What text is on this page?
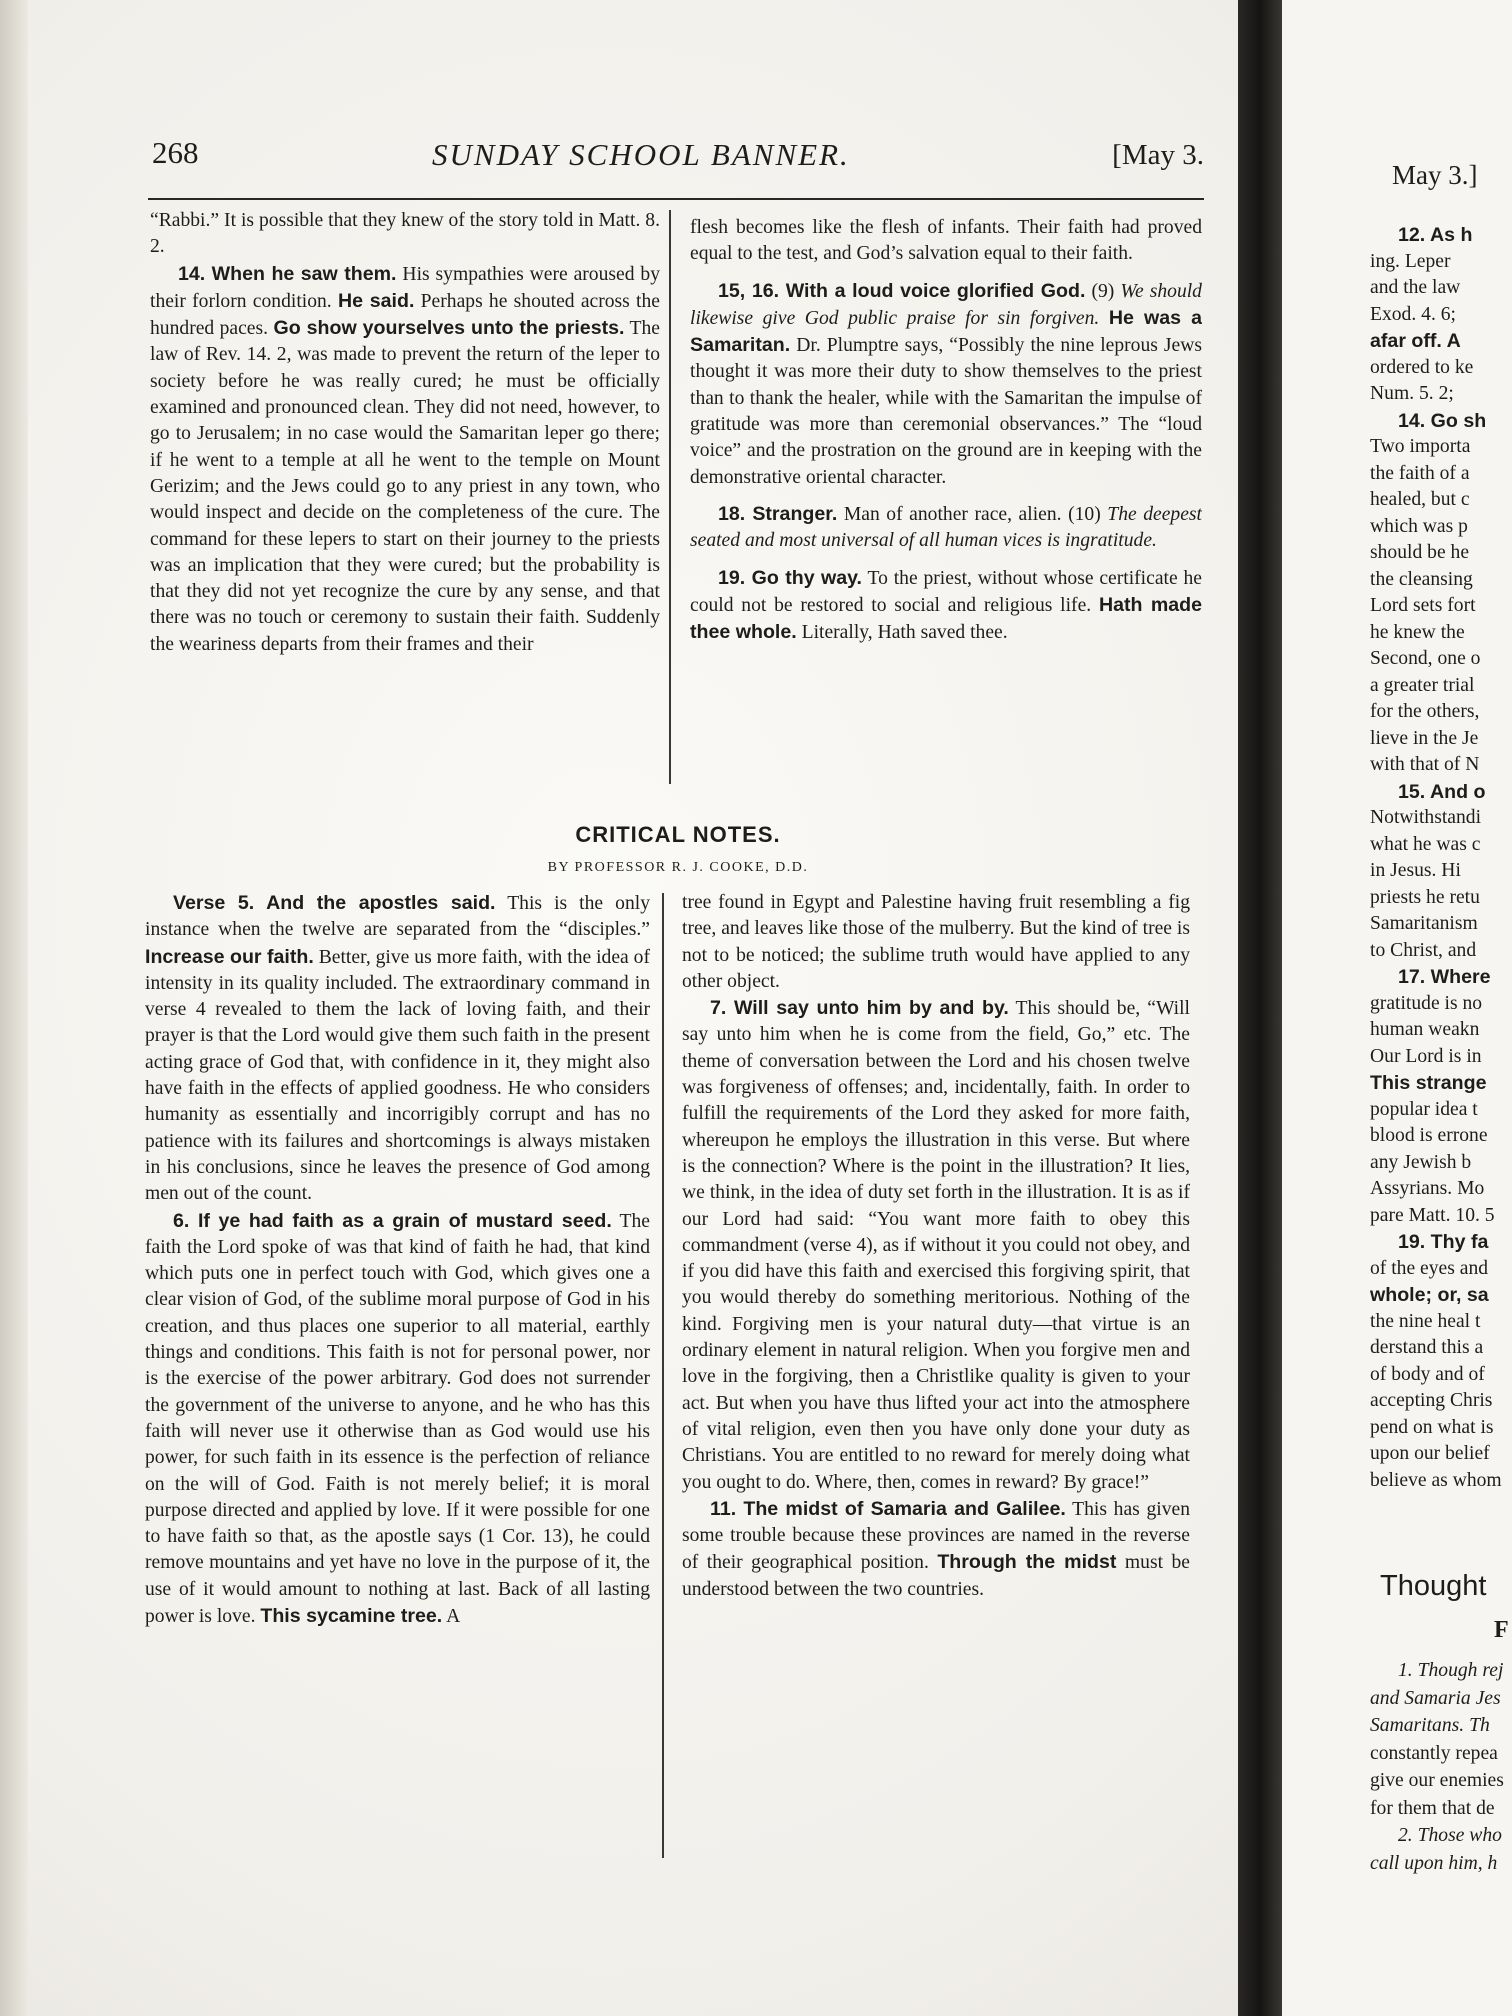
268	SUNDAY SCHOOL BANNER.	[May 3.

“Rabbi.” It is possible that they knew of the story told in Matt. 8. 2.

14. When he saw them. His sympathies were aroused by their forlorn condition. He said. Perhaps he shouted across the hundred paces. Go show yourselves unto the priests. The law of Rev. 14. 2, was made to prevent the return of the leper to society before he was really cured; he must be officially examined and pronounced clean. They did not need, however, to go to Jerusalem; in no case would the Samaritan leper go there; if he went to a temple at all he went to the temple on Mount Gerizim; and the Jews could go to any priest in any town, who would inspect and decide on the completeness of the cure. The command for these lepers to start on their journey to the priests was an implication that they were cured; but the probability is that they did not yet recognize the cure by any sense, and that there was no touch or ceremony to sustain their faith. Suddenly the weariness departs from their frames and their

flesh becomes like the flesh of infants. Their faith had proved equal to the test, and God’s salvation equal to their faith.

15, 16. With a loud voice glorified God. (9) We should likewise give God public praise for sin forgiven. He was a Samaritan. Dr. Plumptre says, “Possibly the nine leprous Jews thought it was more their duty to show themselves to the priest than to thank the healer, while with the Samaritan the impulse of gratitude was more than ceremonial observances.” The “loud voice” and the prostration on the ground are in keeping with the demonstrative oriental character.

18. Stranger. Man of another race, alien. (10) The deepest seated and most universal of all human vices is ingratitude.

19. Go thy way. To the priest, without whose certificate he could not be restored to social and religious life. Hath made thee whole. Literally, Hath saved thee.

CRITICAL NOTES.
BY PROFESSOR R. J. COOKE, D.D.

Verse 5. And the apostles said. This is the only instance when the twelve are separated from the “disciples.” Increase our faith. Better, give us more faith, with the idea of intensity in its quality included. The extraordinary command in verse 4 revealed to them the lack of loving faith, and their prayer is that the Lord would give them such faith in the present acting grace of God that, with confidence in it, they might also have faith in the effects of applied goodness. He who considers humanity as essentially and incorrigibly corrupt and has no patience with its failures and shortcomings is always mistaken in his conclusions, since he leaves the presence of God among men out of the count.

6. If ye had faith as a grain of mustard seed. The faith the Lord spoke of was that kind of faith he had, that kind which puts one in perfect touch with God, which gives one a clear vision of God, of the sublime moral purpose of God in his creation, and thus places one superior to all material, earthly things and conditions. This faith is not for personal power, nor is the exercise of the power arbitrary. God does not surrender the government of the universe to anyone, and he who has this faith will never use it otherwise than as God would use his power, for such faith in its essence is the perfection of reliance on the will of God. Faith is not merely belief; it is moral purpose directed and applied by love. If it were possible for one to have faith so that, as the apostle says (1 Cor. 13), he could remove mountains and yet have no love in the purpose of it, the use of it would amount to nothing at last. Back of all lasting power is love. This sycamine tree. A

tree found in Egypt and Palestine having fruit resembling a fig tree, and leaves like those of the mulberry. But the kind of tree is not to be noticed; the sublime truth would have applied to any other object.

7. Will say unto him by and by. This should be, “Will say unto him when he is come from the field, Go,” etc. The theme of conversation between the Lord and his chosen twelve was forgiveness of offenses; and, incidentally, faith. In order to fulfill the requirements of the Lord they asked for more faith, whereupon he employs the illustration in this verse. But where is the connection? Where is the point in the illustration? It lies, we think, in the idea of duty set forth in the illustration. It is as if our Lord had said: “You want more faith to obey this commandment (verse 4), as if without it you could not obey, and if you did have this faith and exercised this forgiving spirit, that you would thereby do something meritorious. Nothing of the kind. Forgiving men is your natural duty—that virtue is an ordinary element in natural religion. When you forgive men and love in the forgiving, then a Christlike quality is given to your act. But when you have thus lifted your act into the atmosphere of vital religion, even then you have only done your duty as Christians. You are entitled to no reward for merely doing what you ought to do. Where, then, comes in reward? By grace!”

11. The midst of Samaria and Galilee. This has given some trouble because these provinces are named in the reverse of their geographical position. Through the midst must be understood between the two countries.

May 3.]

12. As h

ing. Leper

and the law

Exod. 4. 6;

afar off. A

ordered to ke

Num. 5. 2;

14. Go sh

Two importa

the faith of a

healed, but c

which was p

should be he

the cleansing

Lord sets fort

he knew the

Second, one o

a greater trial

for the others,

lieve in the Je

with that of N

15. And o

Notwithstandi

what he was c

in Jesus. Hi

priests he retu

Samaritanism

to Christ, and

17. Where

gratitude is no

human weakn

Our Lord is in

This strange

popular idea t

blood is errone

any Jewish b

Assyrians. Mo

pare Matt. 10. 5

19. Thy fa

of the eyes and

whole; or, sa

the nine heal t

derstand this a

of body and of

accepting Chris

pend on what is

upon our belief

believe as whom

Thought
F

1. Though rej

and Samaria Jes

Samaritans. Th

constantly repea

give our enemies

for them that de

2. Those who

call upon him, h
